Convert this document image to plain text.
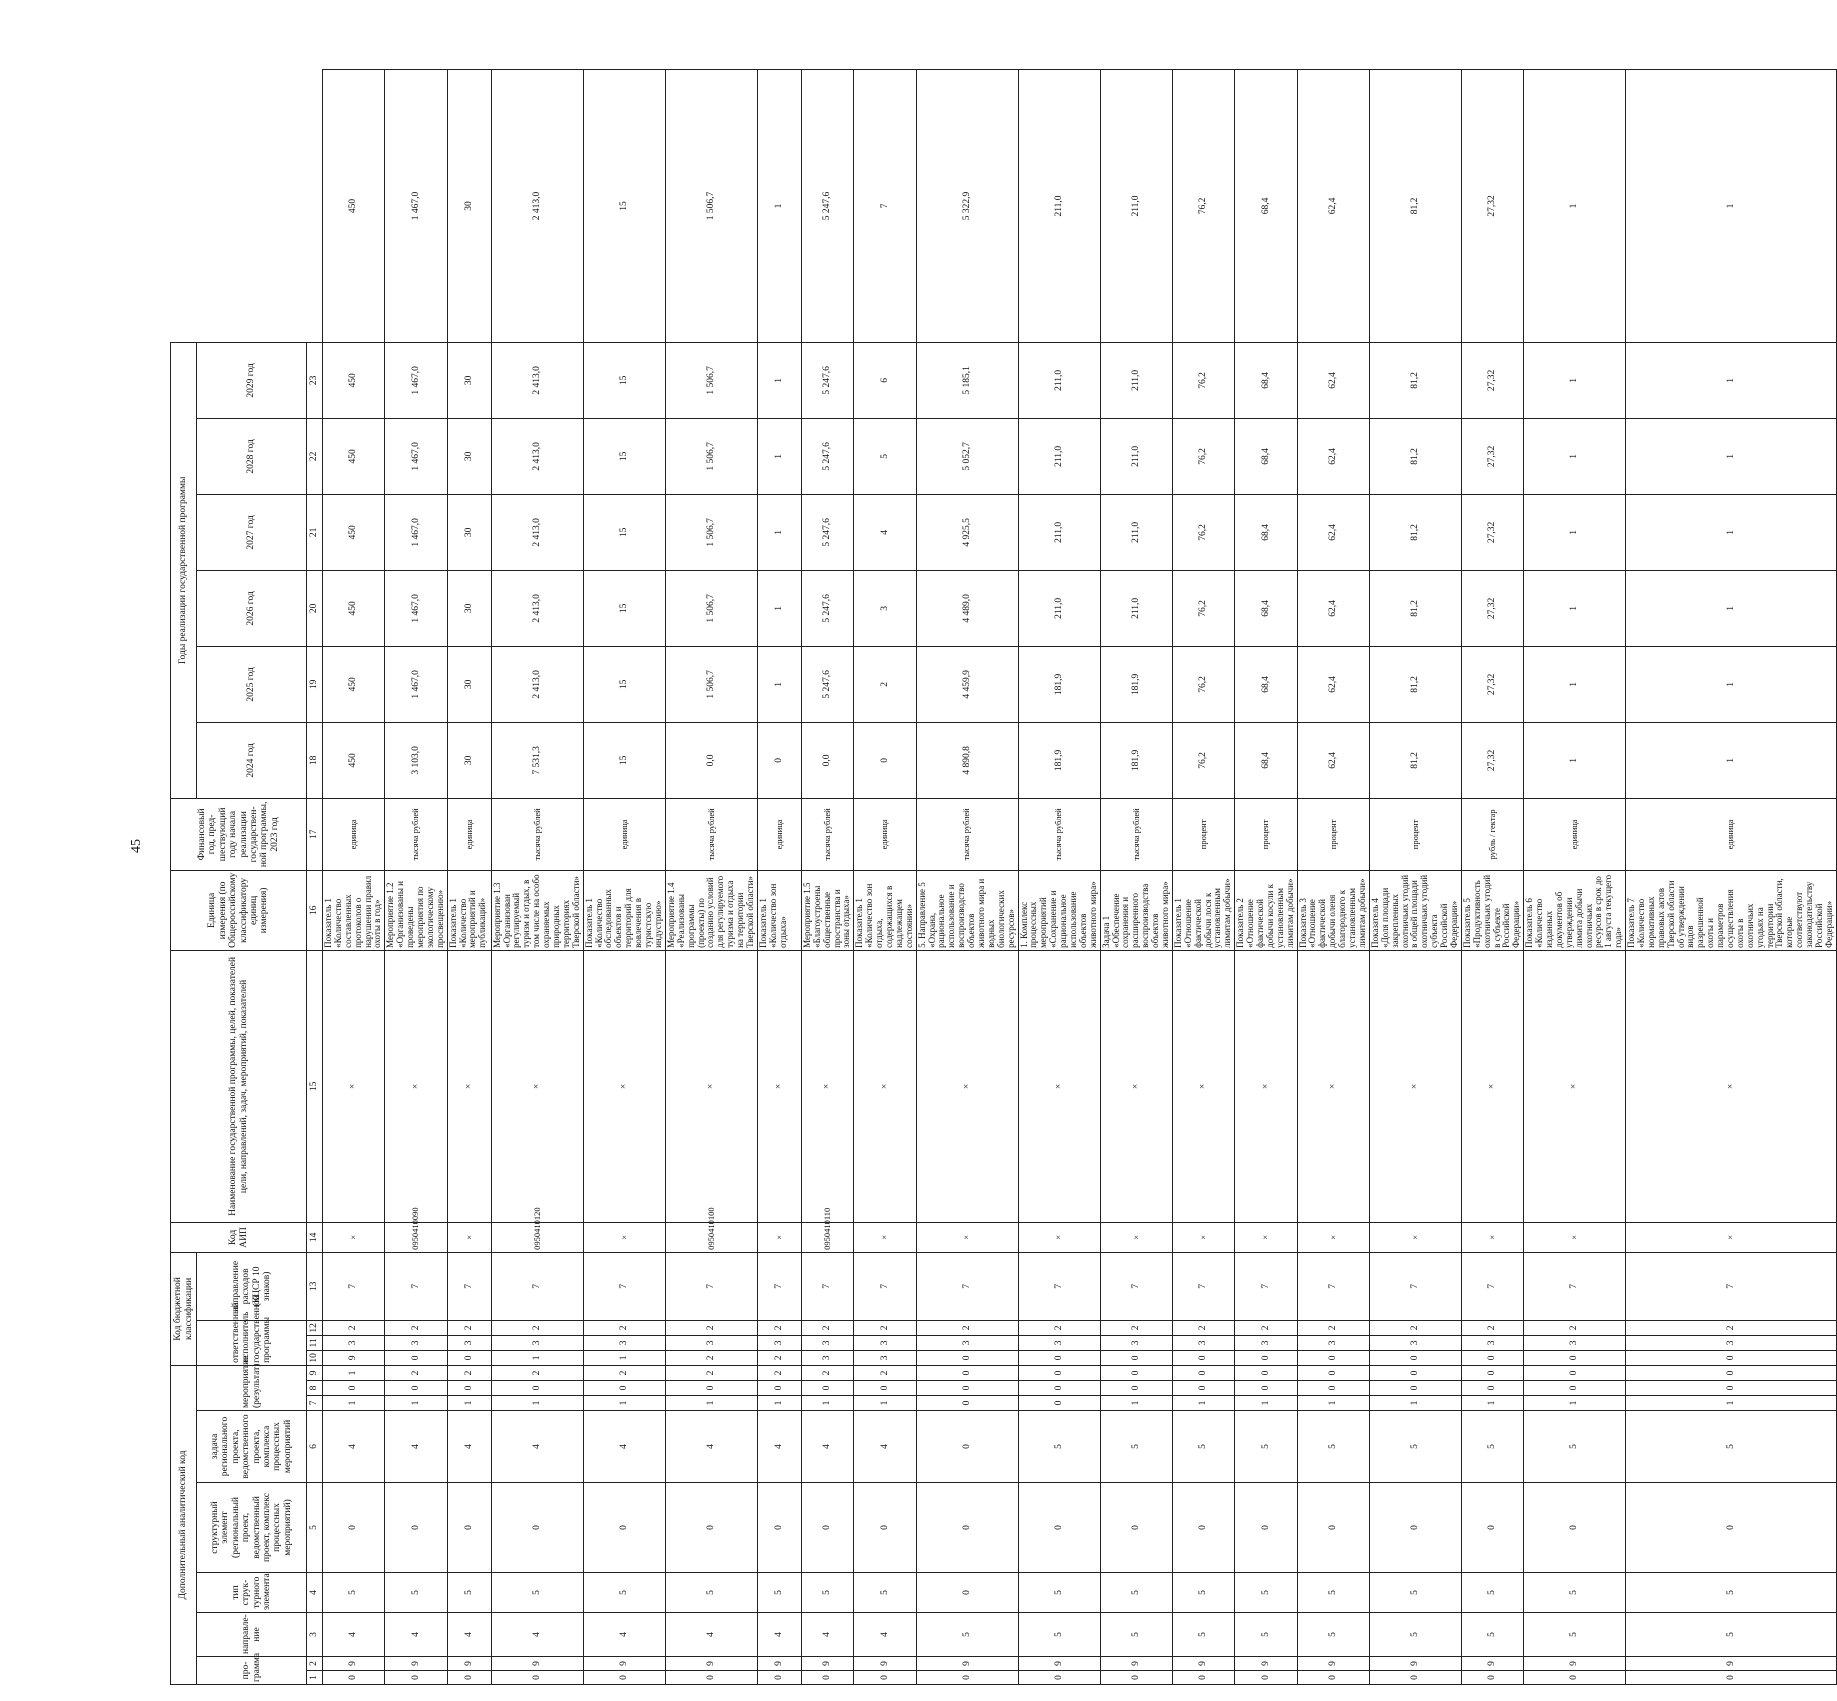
45
Дополнительный аналитический код									Код бюджетной классификации				Код АИП	Наименование государственной программы, целей, показателей цели, направлений, задач, мероприятий, показателей	Единица измерения (по Общероссийскому классификатору единиц измерения)	Финансовый год, пред-шествующий году начала реализации государствен-ной программы, 2023 год	Годы реализации государственной программы						
про-грамма		направле-ние	тип струк-турного элемента	структурный элемент (региональный проект, ведомственный проект, комплекс процессных мероприятий)	задача регионального проекта, ведомственного проекта, комплекса процессных мероприятий	мероприятие (результат)			ответственный исполнитель государственной программы			направление расходов (КЦСР 10 знаков)					2024 год	2025 год	2026 год	2027 год	2028 год	2029 год	
1	2	3	4	5	6	7	8	9	10	11	12	13	14	15	16	17	18	19	20	21	22	23	
0	9	4	5	0	4	1	0	1	9	3	2	7	×	×	Показатель 1 «Количество составленных протоколов о нарушении правил охоты в год»	единица	450	450	450	450	450	450	450
0	9	4	5	0	4	1	0	2	0	3	2	7	0950410090	×	Мероприятие 1.2 «Организованы и проведены мероприятия по экологическому просвещению»	тысяча рублей	3 103,0	1 467,0	1 467,0	1 467,0	1 467,0	1 467,0	1 467,0
0	9	4	5	0	4	1	0	2	0	3	2	7	×	×	Показатель 1 «Количество мероприятий и публикаций»	единица	30	30	30	30	30	30	30
0	9	4	5	0	4	1	0	2	1	3	2	7	0950410120	×	Мероприятие 1.3 «Организован регулируемый туризм и отдых, в том числе на особо охраняемых природных территориях Тверской области»	тысяча рублей	7 531,3	2 413,0	2 413,0	2 413,0	2 413,0	2 413,0	2 413,0
0	9	4	5	0	4	1	0	2	1	3	2	7	×	×	Показатель 1 «Количество обследованных объектов и территорий для вовлечения в туристскую индустрию»	единица	15	15	15	15	15	15	15
0	9	4	5	0	4	1	0	2	2	3	2	7	0950410100	×	Мероприятие 1.4 «Реализованы программы (проекты) по созданию условий для регулируемого туризма и отдыха на территории Тверской области»	тысяча рублей	0,0	1 506,7	1 506,7	1 506,7	1 506,7	1 506,7	1 506,7
0	9	4	5	0	4	1	0	2	2	3	2	7	×	×	Показатель 1 «Количество зон отдыха»	единица	0	1	1	1	1	1	1
0	9	4	5	0	4	1	0	2	3	3	2	7	0950410110	×	Мероприятие 1.5 «Благоустроены общественные пространства и зоны отдыха»	тысяча рублей	0,0	5 247,6	5 247,6	5 247,6	5 247,6	5 247,6	5 247,6
0	9	4	5	0	4	1	0	2	3	3	2	7	×	×	Показатель 1 «Количество зон отдыха, содержащихся в надлежащем состоянии»	единица	0	2	3	4	5	6	7
0	9	5	0	0	0	0	0	0	0	3	2	7	×	×	5. Направление 5 «Охрана, рациональное использование и воспроизводство объектов животного мира и водных биологических ресурсов»	тысяча рублей	4 890,8	4 459,9	4 489,0	4 925,5	5 052,7	5 185,1	5 322,9
0	9	5	5	0	5	0	0	0	0	3	2	7	×	×	1. Комплекс процессных мероприятий «Сохранение и рациональное использование объектов животного мира»	тысяча рублей	181,9	181,9	211,0	211,0	211,0	211,0	211,0
0	9	5	5	0	5	1	0	0	0	3	2	7	×	×	Задача 1 «Обеспечение сохранения и расширенного воспроизводства объектов животного мира»	тысяча рублей	181,9	181,9	211,0	211,0	211,0	211,0	211,0
0	9	5	5	0	5	1	0	0	0	3	2	7	×	×	Показатель 1 «Отношение фактической добычи лося к установленным лимитам добычи»	процент	76,2	76,2	76,2	76,2	76,2	76,2	76,2
0	9	5	5	0	5	1	0	0	0	3	2	7	×	×	Показатель 2 «Отношение фактической добычи косули к установленным лимитам добычи»	процент	68,4	68,4	68,4	68,4	68,4	68,4	68,4
0	9	5	5	0	5	1	0	0	0	3	2	7	×	×	Показатель 3 «Отношение фактической добычи оленя благородного к установленным лимитам добычи»	процент	62,4	62,4	62,4	62,4	62,4	62,4	62,4
0	9	5	5	0	5	1	0	0	0	3	2	7	×	×	Показатель 4 «Доля площади закрепленных охотничьих угодий в общей площади охотничьих угодий субъекта Российской Федерации»	процент	81,2	81,2	81,2	81,2	81,2	81,2	81,2
0	9	5	5	0	5	1	0	0	0	3	2	7	×	×	Показатель 5 «Продуктивность охотничьих угодий в субъекте Российской Федерации»	рубль / гектар	27,32	27,32	27,32	27,32	27,32	27,32	27,32
0	9	5	5	0	5	1	0	0	0	3	2	7	×	×	Показатель 6 «Количество изданных документов об утверждении лимита добычи охотничьих ресурсов в срок до 1 августа текущего года»	единица	1	1	1	1	1	1	1
0	9	5	5	0	5	1	0	0	0	3	2	7	×	×	Показатель 7 «Количество нормативных правовых актов Тверской области об утверждении видов разрешенной охоты и параметров осуществления охоты в охотничьих угодьях на территории Тверской области, которые соответствуют законодательству Российской Федерации»	единица	1	1	1	1	1	1	1
